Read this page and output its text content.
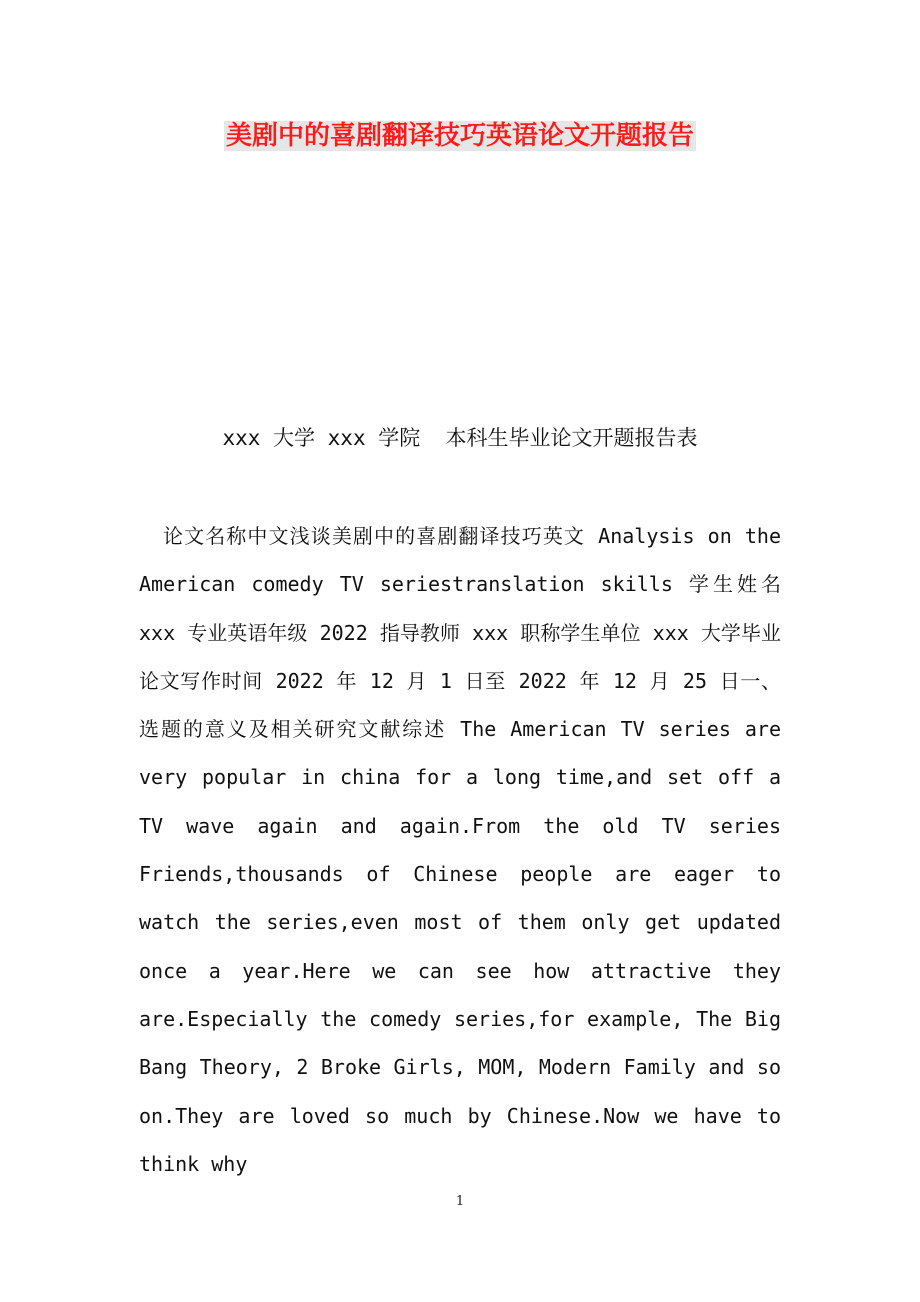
美剧中的喜剧翻译技巧英语论文开题报告
xxx 大学 xxx 学院  本科生毕业论文开题报告表

论文名称中文浅谈美剧中的喜剧翻译技巧英文 Analysis on the American comedy TV seriestranslation skills 学生姓名 xxx 专业英语年级 2022 指导教师 xxx 职称学生单位 xxx 大学毕业论文写作时间 2022 年 12 月 1 日至 2022 年 12 月 25 日一、选题的意义及相关研究文献综述 The American TV series are very popular in china for a long time,and set off a TV wave again and again.From the old TV series Friends,thousands of Chinese people are eager to watch the series,even most of them only get updated once a year.Here we can see how attractive they are.Especially the comedy series,for example, The Big Bang Theory, 2 Broke Girls, MOM, Modern Family and so on.They are loved so much by Chinese.Now we have to think why

1
